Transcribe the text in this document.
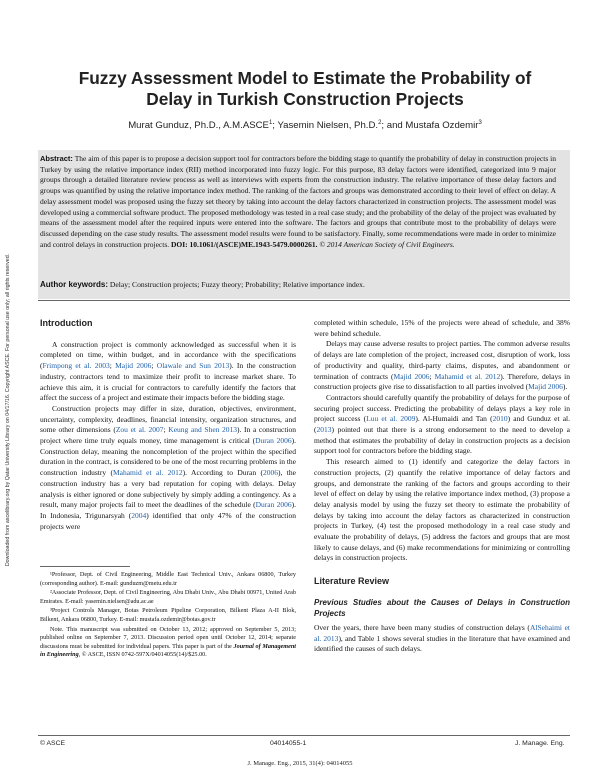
Downloaded from ascelibrary.org by Qatar University Library on 04/17/16. Copyright ASCE. For personal use only; all rights reserved.
Fuzzy Assessment Model to Estimate the Probability of
Delay in Turkish Construction Projects
Murat Gunduz, Ph.D., A.M.ASCE$^1$; Yasemin Nielsen, Ph.D.$^2$; and Mustafa Ozdemir$^3$
Abstract: The aim of this paper is to propose a decision support tool for contractors before the bidding stage to quantify the probability of delay in construction projects in Turkey by using the relative importance index (RII) method incorporated into fuzzy logic. For this purpose, 83 delay factors were identified, categorized into 9 major groups through a detailed literature review process as well as interviews with experts from the construction industry. The relative importance of these delay factors and groups was quantified by using the relative importance index method. The ranking of the factors and groups was demonstrated according to their level of effect on delay. A delay assessment model was proposed using the fuzzy set theory by taking into account the delay factors characterized in construction projects. The assessment model was developed using a commercial software product. The proposed methodology was tested in a real case study; and the probability of the delay of the project was evaluated by means of the assessment model after the required inputs were entered into the software. The factors and groups that contribute most to the probability of delays were discussed depending on the case study results. The assessment model results were found to be satisfactory. Finally, some recommendations were made in order to minimize and control delays in construction projects. DOI: 10.1061/(ASCE)ME.1943-5479.0000261. © 2014 American Society of Civil Engineers.
Author keywords: Delay; Construction projects; Fuzzy theory; Probability; Relative importance index.
Introduction

A construction project is commonly acknowledged as successful when it is completed on time, within budget, and in accordance with the specifications (Frimpong et al. 2003; Majid 2006; Olawale and Sun 2013). In the construction industry, contractors tend to maximize their profit to increase market share. To achieve this aim, it is crucial for contractors to carefully identify the factors that affect the success of a project and estimate their impacts before the bidding stage.

Construction projects may differ in size, duration, objectives, environment, uncertainty, complexity, deadlines, financial intensity, organization structures, and some other dimensions (Zou et al. 2007; Keung and Shen 2013). In a construction project where time truly equals money, time management is critical (Duran 2006). Construction delay, meaning the noncompletion of the project within the specified duration in the contract, is considered to be one of the most recurring problems in the construction industry (Mahamid et al. 2012). According to Duran (2006), the construction industry has a very bad reputation for coping with delays. Delay analysis is either ignored or done subjectively by simply adding a contingency. As a result, many major projects fail to meet the deadlines of the schedule (Duran 2006). In Indonesia, Trigunarsyah (2004) identified that only 47% of the construction projects were

¹Professor, Dept. of Civil Engineering, Middle East Technical Univ., Ankara 06800, Turkey (corresponding author). E-mail: gunduzm@metu.edu.tr

²Associate Professor, Dept. of Civil Engineering, Abu Dhabi Univ., Abu Dhabi 00971, United Arab Emirates. E-mail: yasemin.nielsen@adu.ac.ae

³Project Controls Manager, Botas Petroleum Pipeline Corporation, Bilkent Plaza A-II Blok, Bilkent, Ankara 06800, Turkey. E-mail: mustafa.ozdemir@botas.gov.tr

Note. This manuscript was submitted on October 13, 2012; approved on September 5, 2013; published online on September 7, 2013. Discussion period open until October 12, 2014; separate discussions must be submitted for individual papers. This paper is part of the Journal of Management in Engineering, © ASCE, ISSN 0742-597X/04014055(14)/$25.00.

completed within schedule, 15% of the projects were ahead of schedule, and 38% were behind schedule.

Delays may cause adverse results to project parties. The common adverse results of delays are late completion of the project, increased cost, disruption of work, loss of productivity and quality, third-party claims, disputes, and abandonment or termination of contracts (Majid 2006; Mahamid et al. 2012). Therefore, delays in construction projects give rise to dissatisfaction to all parties involved (Majid 2006).

Contractors should carefully quantify the probability of delays for the purpose of securing project success. Predicting the probability of delays plays a key role in project success (Luu et al. 2009). Al-Humaidi and Tan (2010) and Gunduz et al. (2013) pointed out that there is a strong endorsement to the need to develop a method that estimates the probability of delay in construction projects as a decision support tool for contractors before the bidding stage.

This research aimed to (1) identify and categorize the delay factors in construction projects, (2) quantify the relative importance of delay factors and groups, and demonstrate the ranking of the factors and groups according to their level of effect on delay by using the relative importance index method, (3) propose a delay analysis model by using the fuzzy set theory to estimate the probability of delays by taking into account the delay factors as characterized in construction projects in Turkey, (4) test the proposed methodology in a real case study and evaluate the probability of delays, (5) address the factors and groups that are most likely to cause delays, and (6) make recommendations for minimizing or controlling delays in construction projects.

Literature Review
Previous Studies about the Causes of Delays in Construction Projects

Over the years, there have been many studies of construction delays (AlSehaimi et al. 2013), and Table 1 shows several studies in the literature that have examined and identified the causes of such delays.

© ASCE	04014055-1	J. Manage. Eng.
J. Manage. Eng., 2015, 31(4): 04014055
